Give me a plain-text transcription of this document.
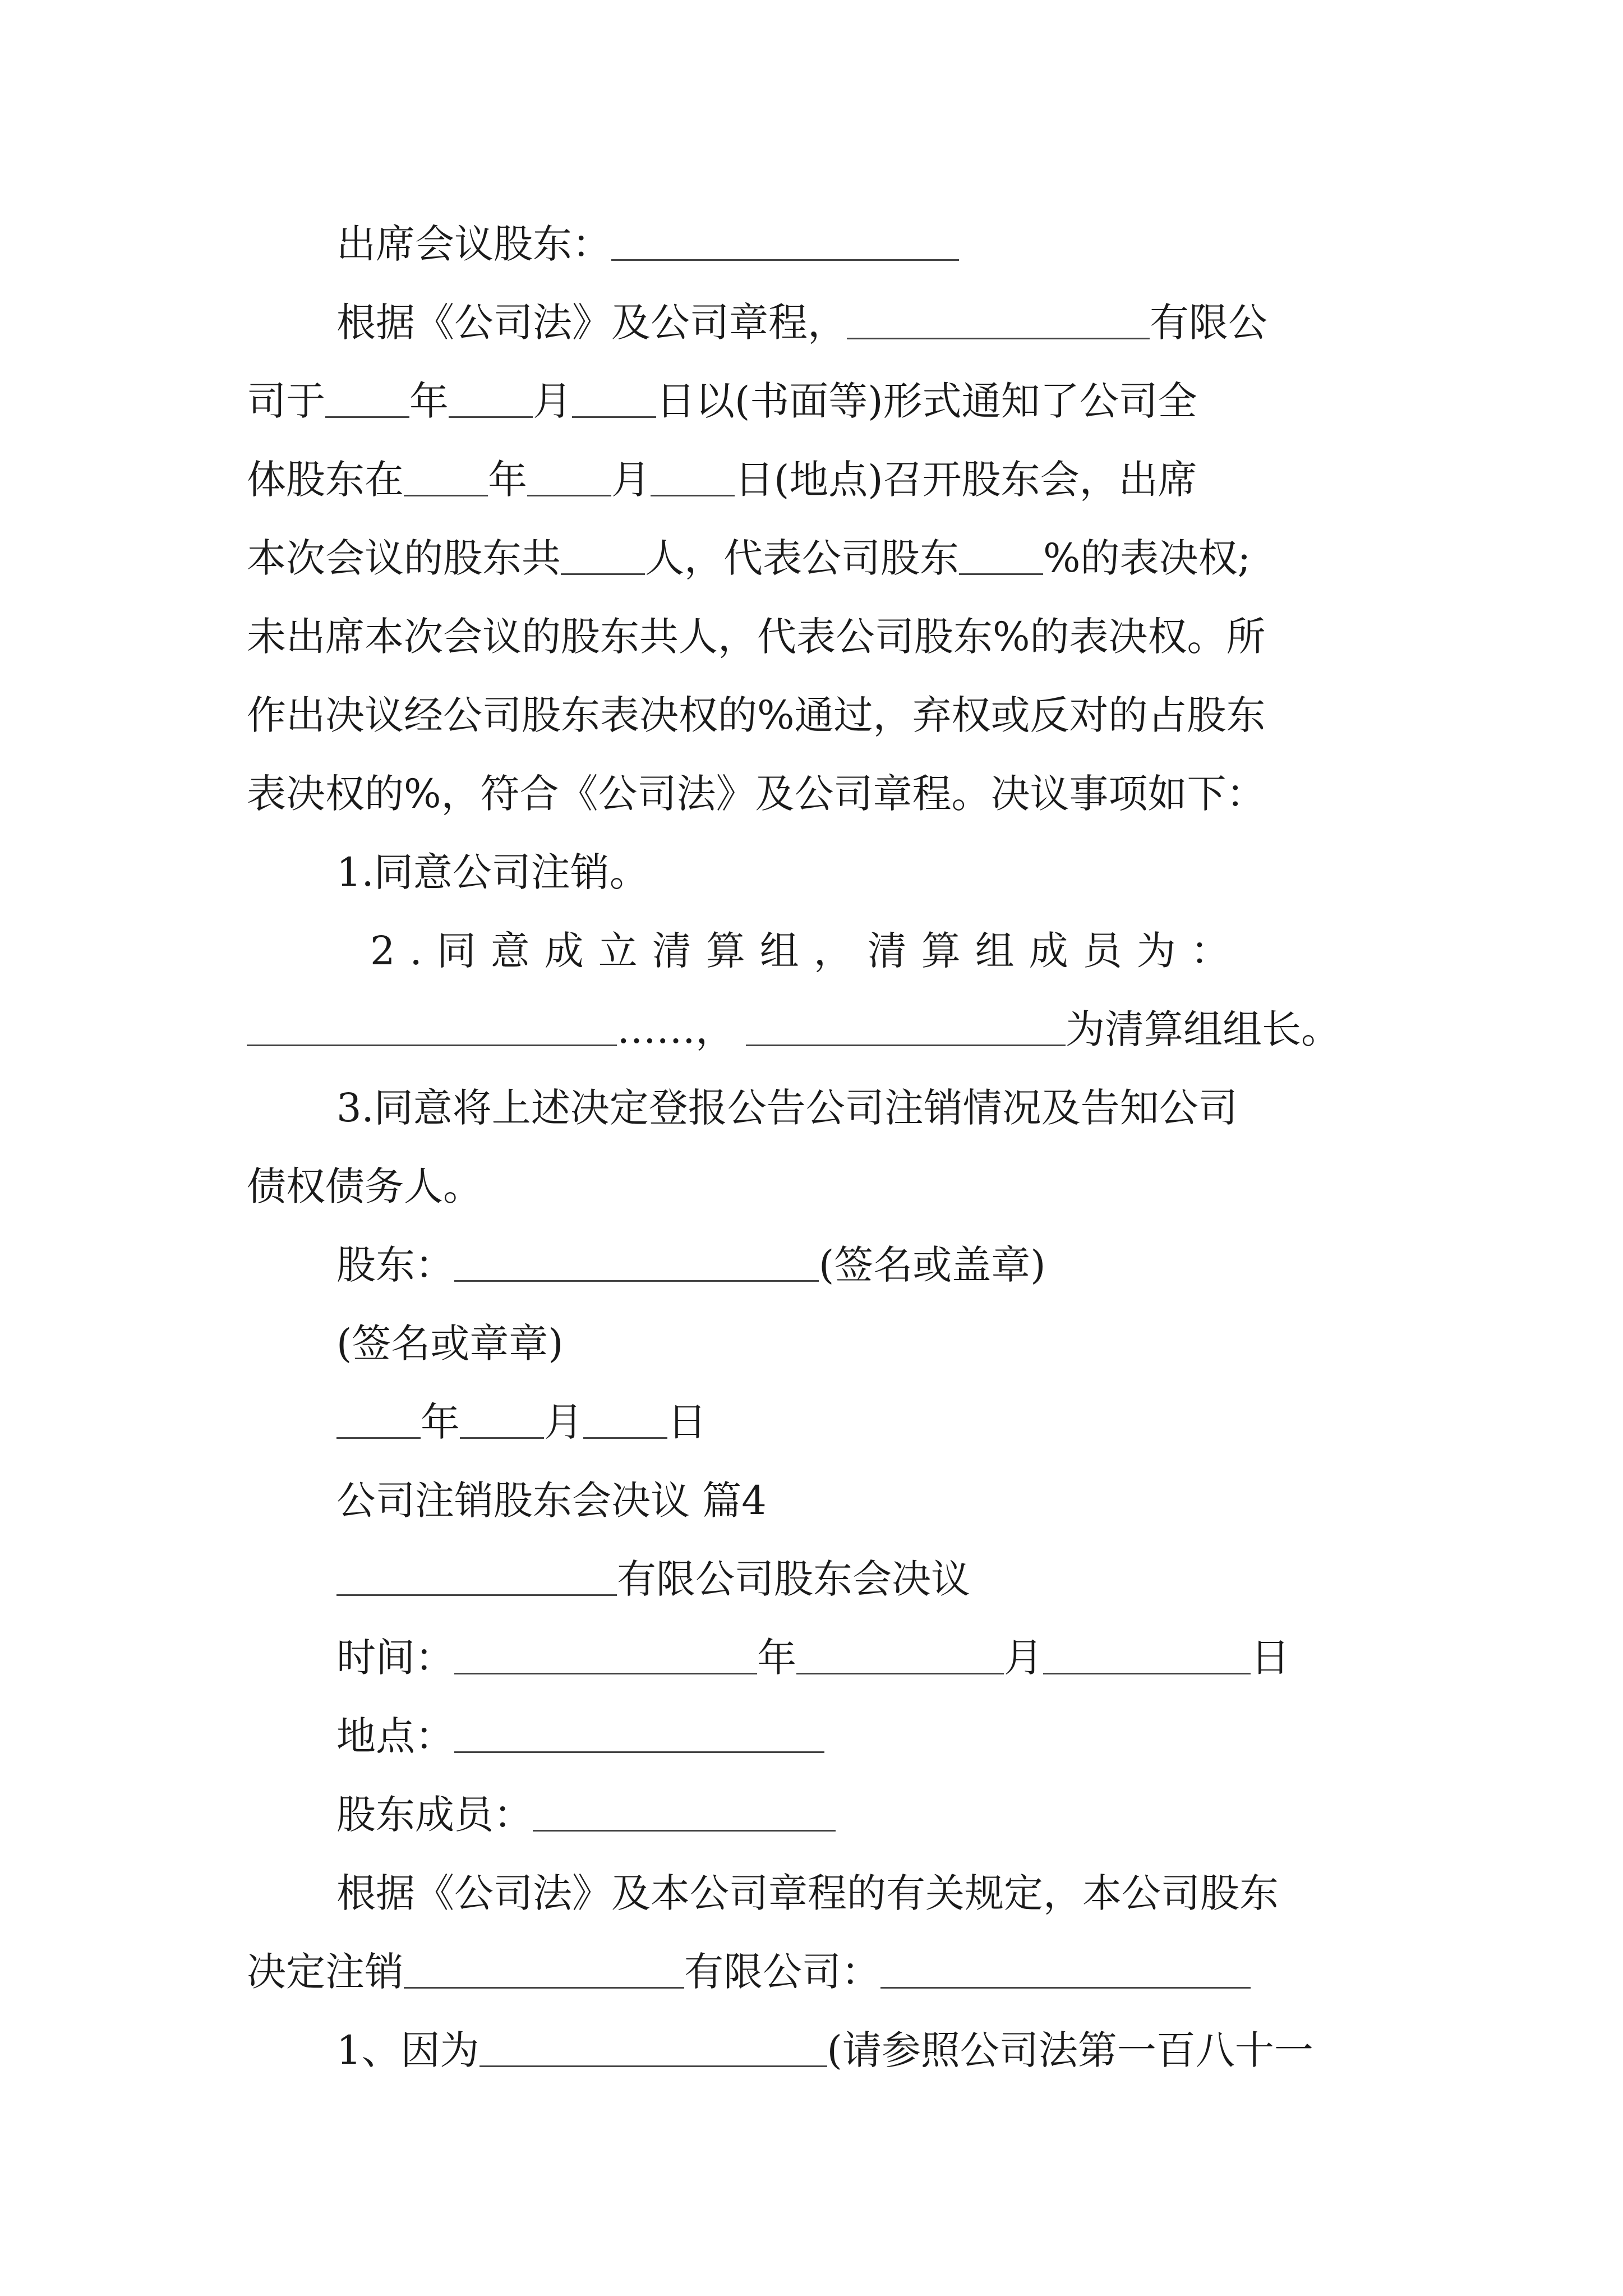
出席会议股东：
根据《公司法》及公司章程，	有限公
司于 年 月 日以(书面等)形式通知了公司全
体股东在 年 月 日(地点)召开股东会，出席
本次会议的股东共 人，代表公司股东 %的表决权;
未出席本次会议的股东共人，代表公司股东%的表决权。所
作出决议经公司股东表决权的%通过，弃权或反对的占股东
表决权的%，符合《公司法》及公司章程。决议事项如下：
1.同意公司注销。
2.同意成立清算组，清算组成员为：
……，	为清算组组长。
3.同意将上述决定登报公告公司注销情况及告知公司
债权债务人。
股东：	(签名或盖章)
(签名或章章)
年 月 日
公司注销股东会决议 篇4
有限公司股东会决议
时间：	年	月	日
地点：
股东成员：
根据《公司法》及本公司章程的有关规定，本公司股东
决定注销	有限公司：
1、因为	(请参照公司法第一百八十一
